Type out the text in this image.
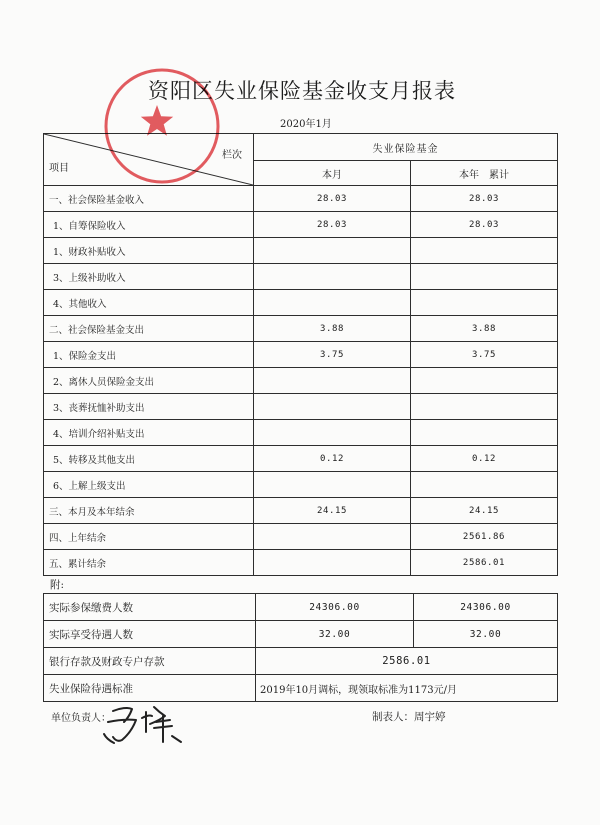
资阳区失业保险基金收支月报表
2020年1月
栏次
项目	失业保险基金	
	本月	本年　累计
一、社会保险基金收入	28.03	28.03
1、自筹保险收入	28.03	28.03
1、财政补贴收入		
3、上级补助收入		
4、其他收入		
二、社会保险基金支出	3.88	3.88
1、保险金支出	3.75	3.75
2、离休人员保险金支出		
3、丧葬抚恤补助支出		
4、培训介绍补贴支出		
5、转移及其他支出	0.12	0.12
6、上解上级支出		
三、本月及本年结余	24.15	24.15
四、上年结余		2561.86
五、累计结余		2586.01
附:
实际参保缴费人数	24306.00	24306.00
实际享受待遇人数	32.00	32.00
银行存款及财政专户存款	2586.01	
失业保险待遇标准	2019年10月调标，现领取标准为1173元/月	
单位负责人：	制表人：周宇婷
